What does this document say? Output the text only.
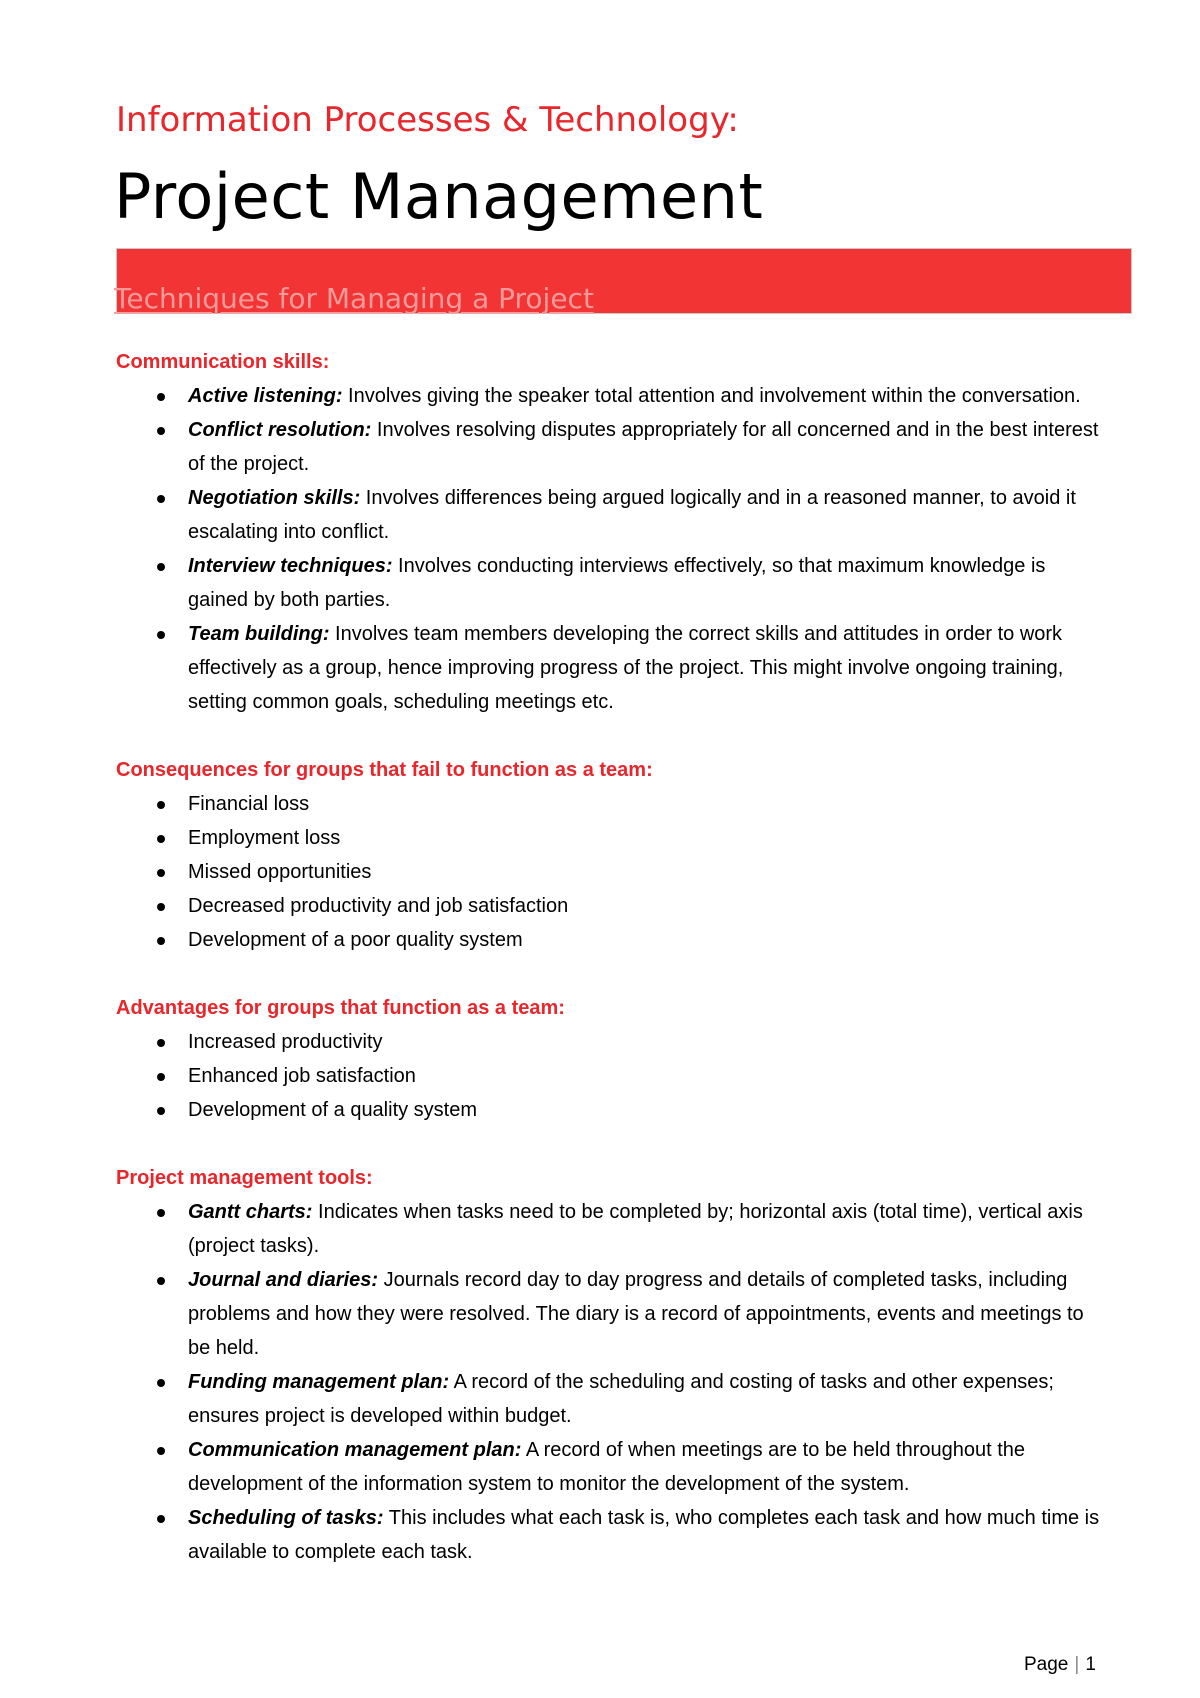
Information Processes & Technology:
Project Management
Techniques for Managing a Project

Communication skills:

Active listening: Involves giving the speaker total attention and involvement within the conversation.
Conflict resolution: Involves resolving disputes appropriately for all concerned and in the best interest of the project.
Negotiation skills: Involves differences being argued logically and in a reasoned manner, to avoid it escalating into conflict.
Interview techniques: Involves conducting interviews effectively, so that maximum knowledge is gained by both parties.
Team building: Involves team members developing the correct skills and attitudes in order to work effectively as a group, hence improving progress of the project. This might involve ongoing training, setting common goals, scheduling meetings etc.

Consequences for groups that fail to function as a team:

Financial loss
Employment loss
Missed opportunities
Decreased productivity and job satisfaction
Development of a poor quality system

Advantages for groups that function as a team:

Increased productivity
Enhanced job satisfaction
Development of a quality system

Project management tools:

Gantt charts: Indicates when tasks need to be completed by; horizontal axis (total time), vertical axis (project tasks).
Journal and diaries: Journals record day to day progress and details of completed tasks, including problems and how they were resolved. The diary is a record of appointments, events and meetings to be held.
Funding management plan: A record of the scheduling and costing of tasks and other expenses; ensures project is developed within budget.
Communication management plan: A record of when meetings are to be held throughout the development of the information system to monitor the development of the system.
Scheduling of tasks: This includes what each task is, who completes each task and how much time is available to complete each task.
Page | 1
